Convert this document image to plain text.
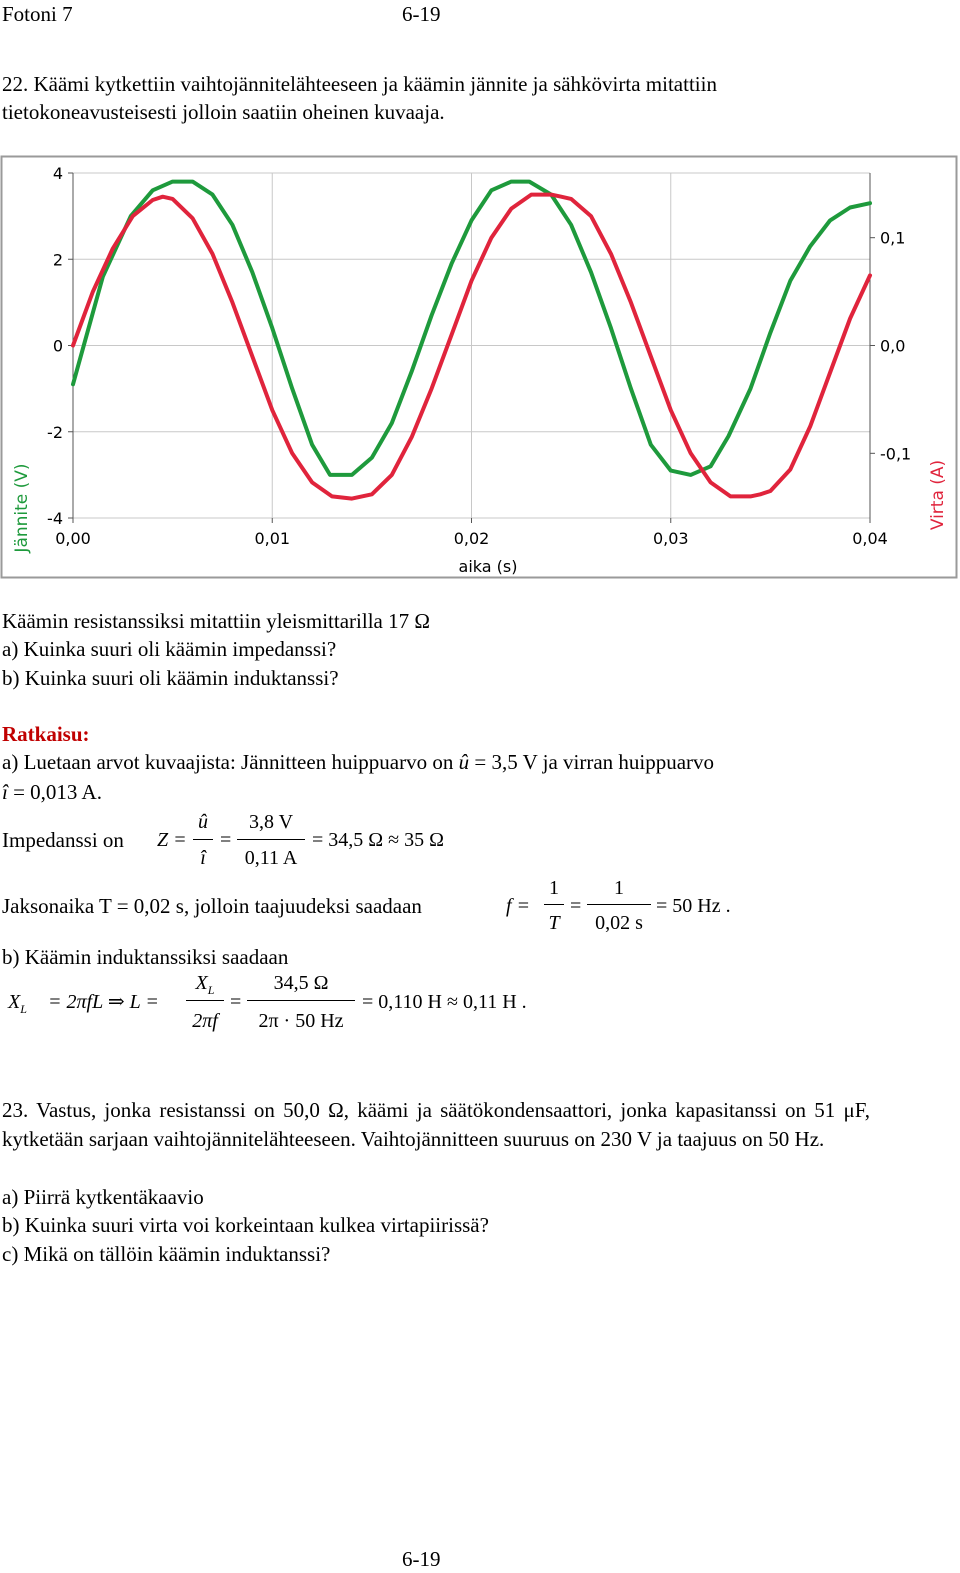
Fotoni 7	6-19
22. Käämi kytkettiin vaihtojännitelähteeseen ja käämin jännite ja sähkövirta mitattiin
tietokoneavusteisesti jolloin saatiin oheinen kuvaaja.
0,00	0,01	0,02	0,03	0,04
4
2
0
-2
-4
0,1
0,0
-0,1
aika (s)
Jännite (V)	Virta (A)
Käämin resistanssiksi mitattiin yleismittarilla 17 Ω
a) Kuinka suuri oli käämin impedanssi?
b) Kuinka suuri oli käämin induktanssi?
Ratkaisu:
a) Luetaan arvot kuvaajista: Jännitteen huippuarvo on û = 3,5 V ja virran huippuarvo
î = 0,013 A.
Impedanssi on Z =
û
î
=
3,8 V
0,11 A
= 34,5 Ω ≈ 35 Ω
Jaksonaika T = 0,02 s, jolloin taajuudeksi saadaan	f =
1
T
=
1
0,02 s
= 50 Hz .
b) Käämin induktanssiksi saadaan
$X_L = 2\pi fL$ ⇒ L =
$X_L$
2πf
=
34,5 Ω
2π · 50 Hz
= 0,110 H ≈ 0,11 H .
23. Vastus, jonka resistanssi on 50,0 Ω, käämi ja säätökondensaattori, jonka kapasitanssi on 51 μF, kytketään sarjaan vaihtojännitelähteeseen. Vaihtojännitteen suuruus on 230 V ja taajuus on 50 Hz.
a) Piirrä kytkentäkaavio
b) Kuinka suuri virta voi korkeintaan kulkea virtapiirissä?
c) Mikä on tällöin käämin induktanssi?
6-19
